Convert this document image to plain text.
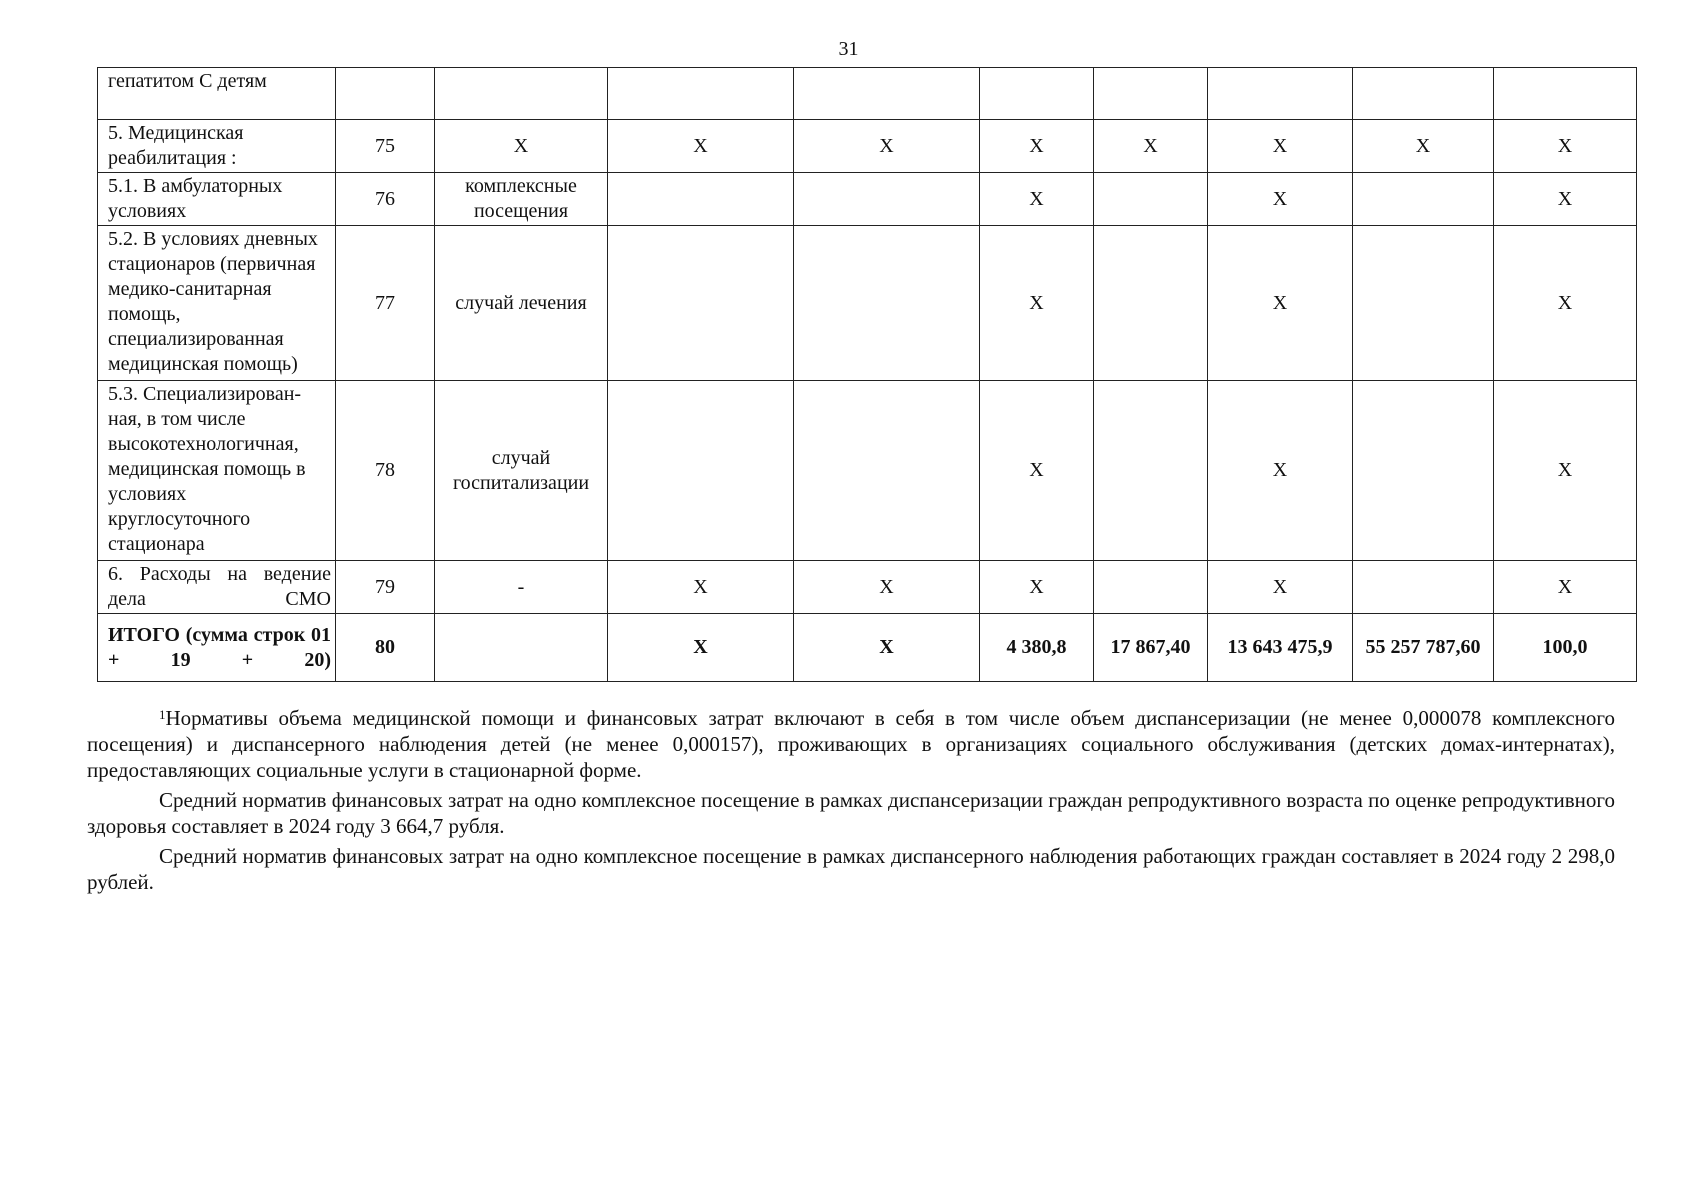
31
гепатитом С детям									
5. Медицинская реабилитация :	75	Х	Х	Х	Х	Х	Х	Х	Х
5.1. В амбулаторных условиях	76	комплексные посещения			Х		Х		Х
5.2. В условиях дневных стационаров (первичная медико-санитарная помощь, специализированная медицинская помощь)	77	случай лечения			Х		Х		Х
5.3. Специализирован-ная, в том числе высокотехнологичная, медицинская помощь в условиях круглосуточного стационара	78	случай госпитализации			Х		Х		Х
6. Расходы на ведение дела СМО	79	-	Х	Х	Х		Х		Х
ИТОГО (сумма строк 01 + 19 + 20)	80		Х	Х	4 380,8	17 867,40	13 643 475,9	55 257 787,60	100,0

$^1$Нормативы объема медицинской помощи и финансовых затрат включают в себя в том числе объем диспансеризации (не менее 0,000078 комплексного посещения) и диспансерного наблюдения детей (не менее 0,000157), проживающих в организациях социального обслуживания (детских домах-интернатах), предоставляющих социальные услуги в стационарной форме.

Средний норматив финансовых затрат на одно комплексное посещение в рамках диспансеризации граждан репродуктивного возраста по оценке репродуктивного здоровья составляет в 2024 году 3 664,7 рубля.

Средний норматив финансовых затрат на одно комплексное посещение в рамках диспансерного наблюдения работающих граждан составляет в 2024 году 2 298,0 рублей.
